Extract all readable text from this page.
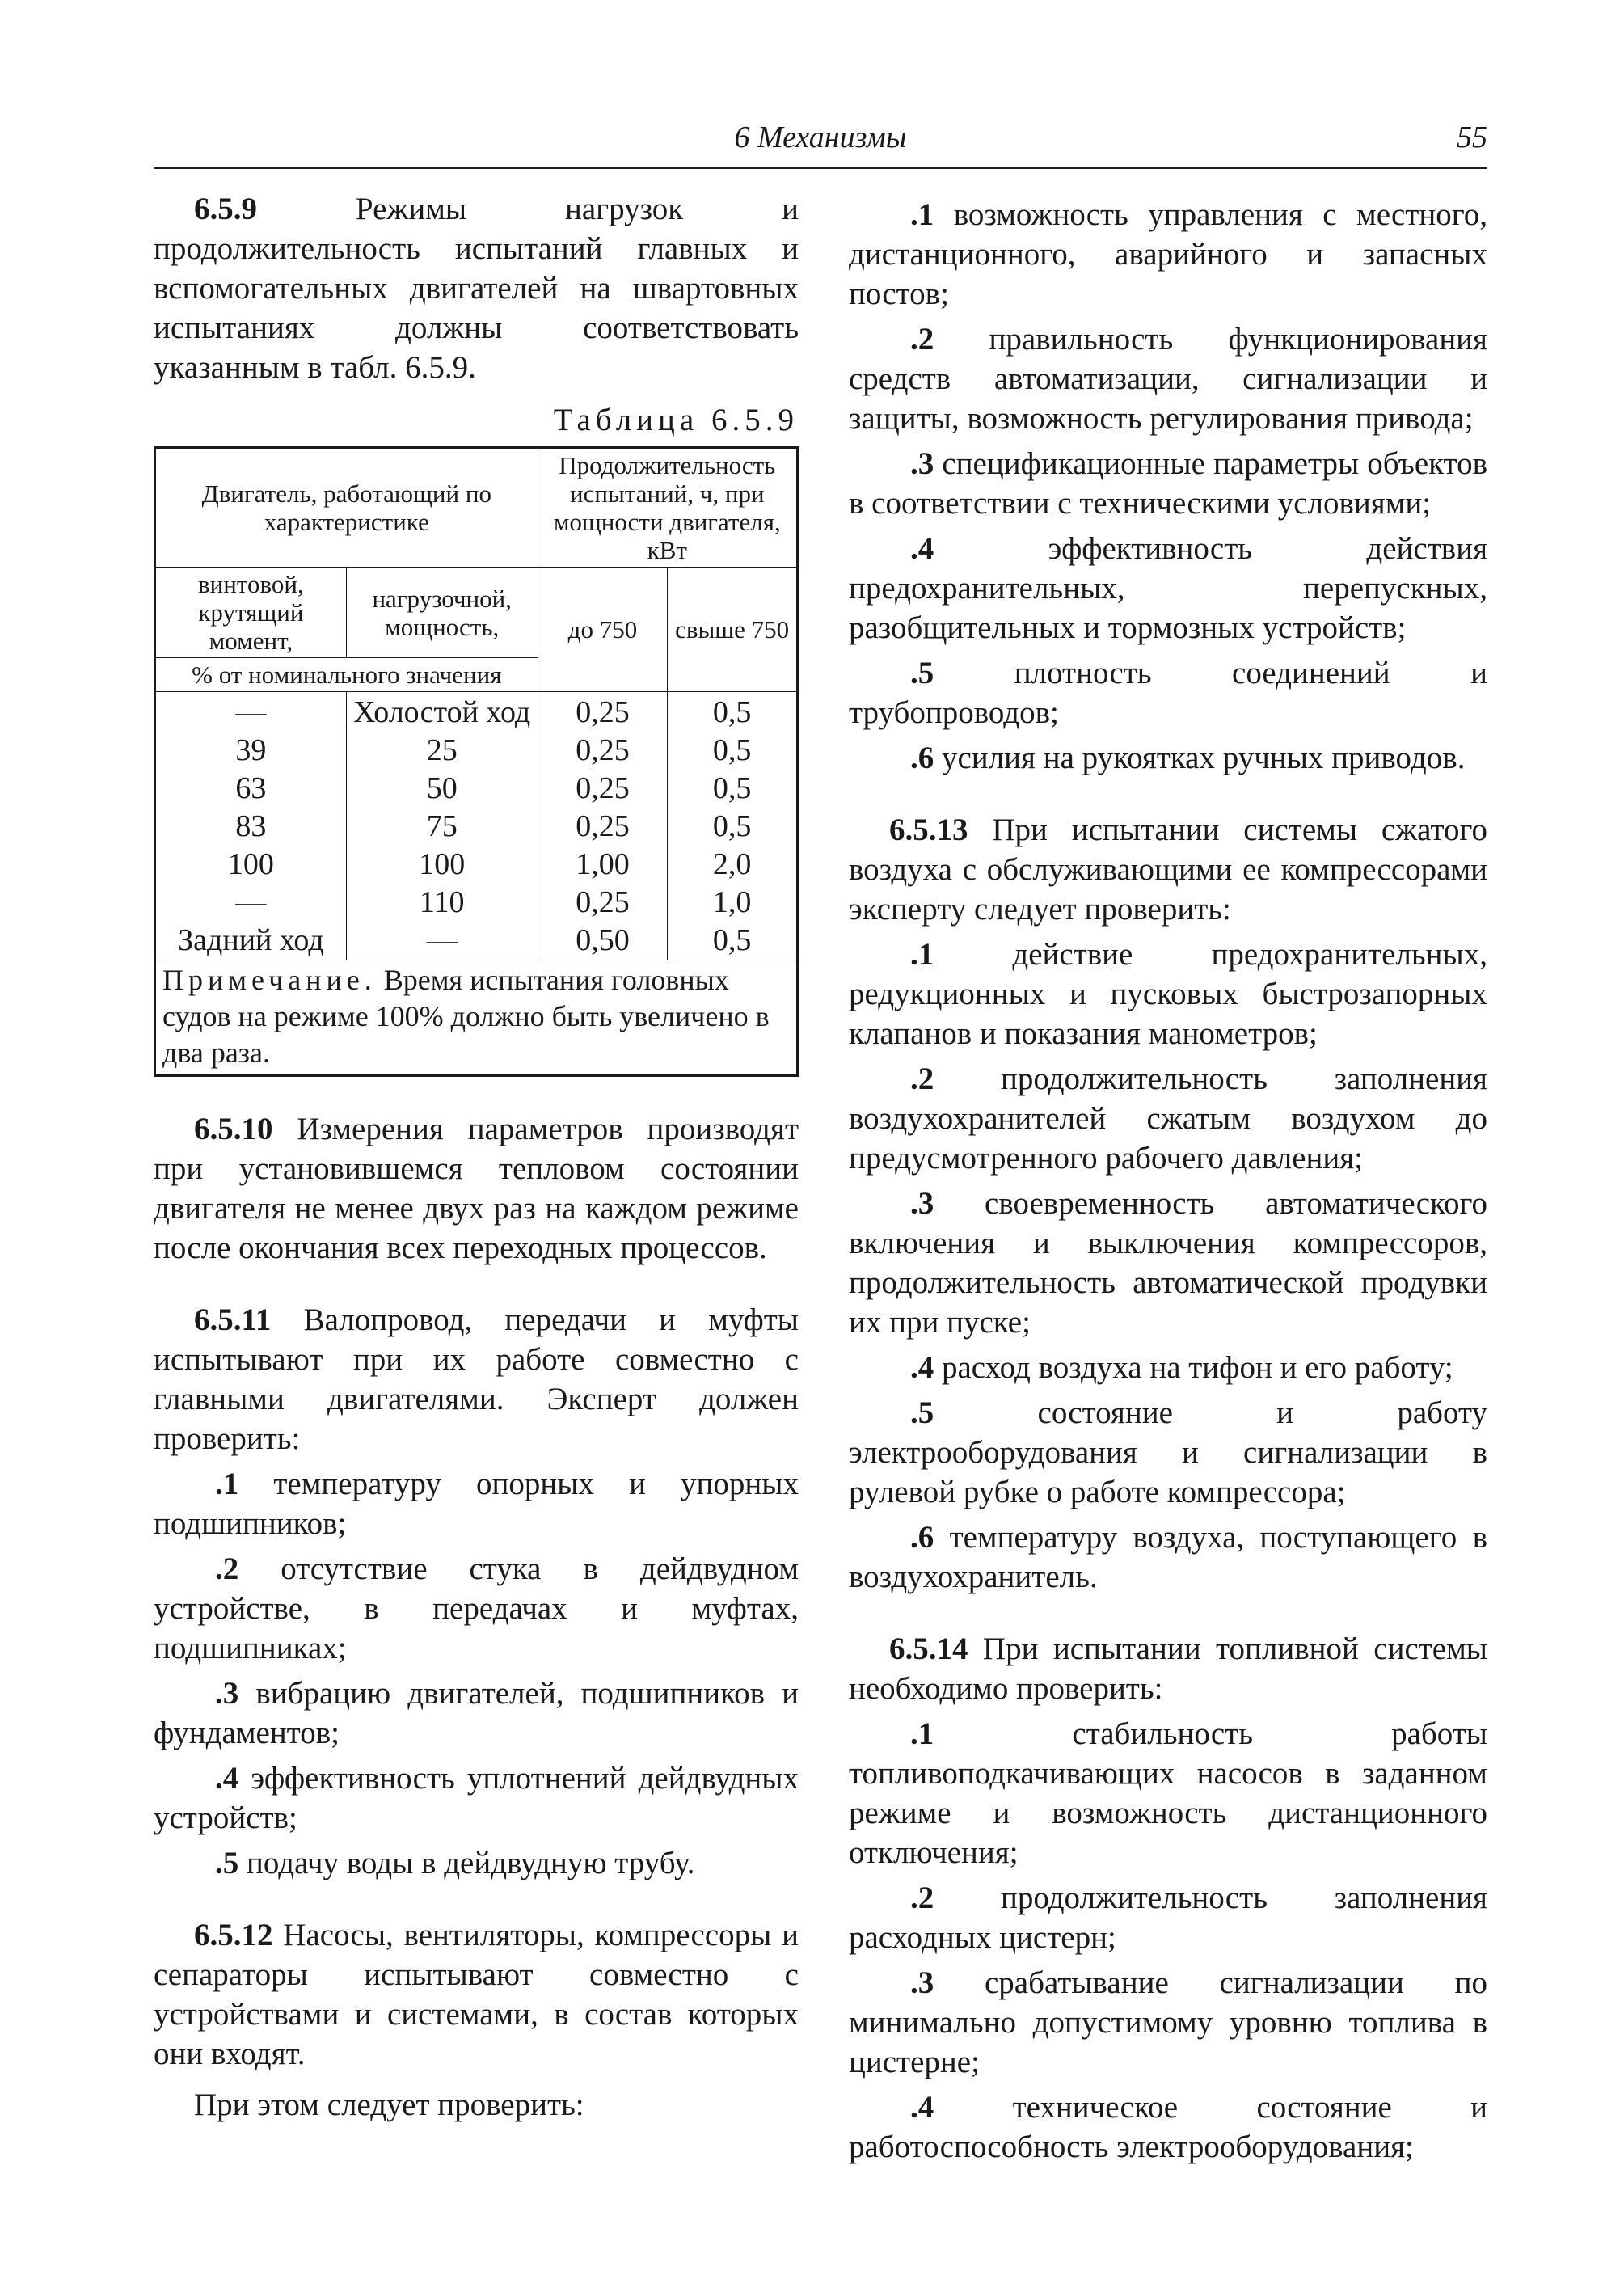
6 Механизмы	55

6.5.9	Режимы нагрузок и продолжительность испытаний главных и вспомогательных двигателей на швартовных испытаниях должны соответствовать указанным в табл. 6.5.9.

Таблица 6.5.9
Двигатель, работающий по характеристике		Продолжительность испытаний, ч, при мощности двигателя, кВт	
винтовой, крутящий момент,	нагрузочной, мощность,	до 750	свыше 750
% от номинального значения			
—	Холостой ход	0,25	0,5
39	25	0,25	0,5
63	50	0,25	0,5
83	75	0,25	0,5
100	100	1,00	2,0
—	110	0,25	1,0
Задний ход	—	0,50	0,5
Примечание. Время испытания головных судов на режиме 100% должно быть увеличено в два раза.			

6.5.10 Измерения параметров производят при установившемся тепловом состоянии двигателя не менее двух раз на каждом режиме после окончания всех переходных процессов.

6.5.11 Валопровод, передачи и муфты испытывают при их работе совместно с главными двигателями. Эксперт должен проверить:

.1 температуру опорных и упорных подшипников;

.2 отсутствие стука в дейдвудном устройстве, в передачах и муфтах, подшипниках;

.3 вибрацию двигателей, подшипников и фундаментов;

.4 эффективность уплотнений дейдвудных устройств;

.5 подачу воды в дейдвудную трубу.

6.5.12 Насосы, вентиляторы, компрессоры и сепараторы испытывают совместно с устройствами и системами, в состав которых они входят.

При этом следует проверить:

.1 возможность управления с местного, дистанционного, аварийного и запасных постов;

.2 правильность функционирования средств автоматизации, сигнализации и защиты, возможность регулирования привода;

.3 спецификационные параметры объектов в соответствии с техническими условиями;

.4	эффективность действия предохранительных, перепускных, разобщительных и тормозных устройств;

.5	плотность соединений и трубопроводов;

.6 усилия на рукоятках ручных приводов.

6.5.13 При испытании системы сжатого воздуха с обслуживающими ее компрессорами эксперту следует проверить:

.1 действие предохранительных, редукционных и пусковых быстрозапорных клапанов и показания манометров;

.2 продолжительность заполнения воздухохранителей сжатым воздухом до предусмотренного рабочего давления;

.3 своевременность автоматического включения и выключения компрессоров, продолжительность автоматической продувки их при пуске;

.4 расход воздуха на тифон и его работу;

.5	состояние и работу электрооборудования и сигнализации в рулевой рубке о работе компрессора;

.6 температуру воздуха, поступающего в воздухохранитель.

6.5.14 При испытании топливной системы необходимо проверить:

.1	стабильность работы топливоподкачивающих насосов в заданном режиме и возможность дистанционного отключения;

.2 продолжительность заполнения расходных цистерн;

.3 срабатывание сигнализации по минимально допустимому уровню топлива в цистерне;

.4 техническое состояние и работоспособность электрооборудования;
